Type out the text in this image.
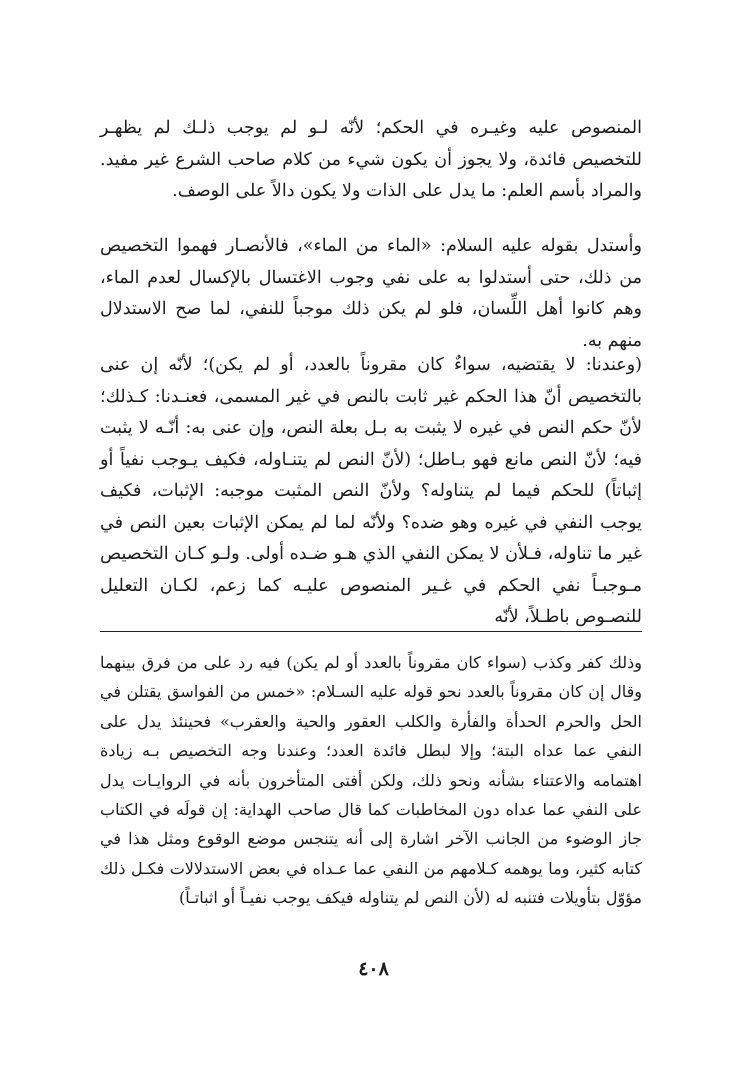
المنصوص عليه وغيـره في الحكم؛ لأنّه لـو لم يوجب ذلـك لم يظهـر للتخصيص فائدة، ولا يجوز أن يكون شيء من كلام صاحب الشرع غير مفيد. والمراد بأسم العلم: ما يدل على الذات ولا يكون دالاً على الوصف.

وأستدل بقوله عليه السلام: «الماء من الماء»، فالأنصـار فهموا التخصيص من ذلك، حتى أستدلوا به على نفي وجوب الاغتسال بالإكسال لعدم الماء، وهم كانوا أهل اللِّسان، فلو لم يكن ذلك موجباً للنفي، لما صح الاستدلال منهم به.

(وعندنا: لا يقتضيه، سواءٌ كان مقروناً بالعدد، أو لم يكن)؛ لأنّه إن عنى بالتخصيص أنّ هذا الحكم غير ثابت بالنص في غير المسمى، فعنـدنا: كـذلك؛ لأنّ حكم النص في غيره لا يثبت به بـل بعلة النص، وإن عنى به: أنّـه لا يثبت فيه؛ لأنّ النص مانع فهو بـاطل؛ (لأنّ النص لم يتنـاوله، فكيف يـوجب نفياً أو إثباتاً) للحكم فيما لم يتناوله؟ ولأنّ النص المثبت موجبه: الإثبات، فكيف يوجب النفي في غيره وهو ضده؟ ولأنّه لما لم يمكن الإثبات بعين النص في غير ما تناوله، فـلأن لا يمكن النفي الذي هـو ضـده أولى. ولـو كـان التخصيص مـوجبـاً نفي الحكم في غـير المنصوص عليـه كما زعم، لكـان التعليل للنصـوص باطـلاً، لأنّه

وذلك كفر وكذب (سواء كان مقروناً بالعدد أو لم يكن) فيه رد على من فرق بينهما وقال إن كان مقروناً بالعدد نحو قوله عليه السـلام: «خمس من الفواسق يقتلن في الحل والحرم الحدأة والفأرة والكلب العقور والحية والعقرب» فحينئذ يدل على النفي عما عداه البتة؛ وإلا لبطل فائدة العدد؛ وعندنا وجه التخصيص بـه زيادة اهتمامه والاعتناء بشأنه ونحو ذلك، ولكن أفتى المتأخرون بأنه في الروايـات يدل على النفي عما عداه دون المخاطبات كما قال صاحب الهداية: إن قولَه في الكتاب جاز الوضوء من الجانب الآخر اشارة إلى أنه يتنجس موضع الوقوع ومثل هذا في كتابه كثير، وما يوهمه كـلامهم من النفي عما عـداه في بعض الاستدلالات فكـل ذلك مؤوّل بتأويلات فتنبه له (لأن النص لم يتناوله فيكف يوجب نفيـاً أو اثباتـاً)

٤٠٨
